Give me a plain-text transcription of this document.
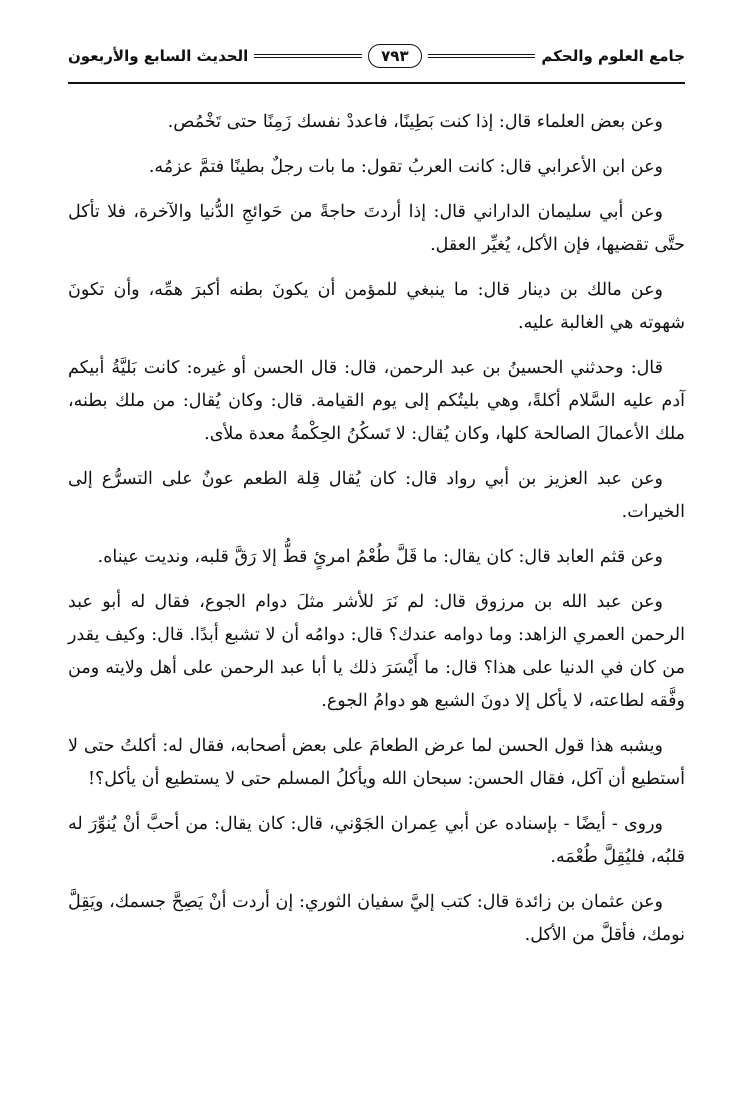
جامع العلوم والحكم
٧٩٣
الحديث السابع والأربعون

وعن بعض العلماء قال: إذا كنت بَطِينًا، فاعددْ نفسك زَمِنًا حتى تَخْمُص.

وعن ابن الأعرابي قال: كانت العربُ تقول: ما بات رجلٌ بطينًا فتمَّ عزمُه.

وعن أبي سليمان الداراني قال: إذا أردتَ حاجةً من حَوائجِ الدُّنيا والآخرة، فلا تأكل حتَّى تقضيها، فإن الأكل، يُغيِّر العقل.

وعن مالك بن دينار قال: ما ينبغي للمؤمن أن يكونَ بطنه أكبرَ همِّه، وأن تكونَ شهوته هي الغالبة عليه.

قال: وحدثني الحسينُ بن عبد الرحمن، قال: قال الحسن أو غيره: كانت بَليَّةُ أبيكم آدم عليه السَّلام أكلةً، وهي بليتُكم إلى يوم القيامة. قال: وكان يُقال: من ملك بطنه، ملك الأعمالَ الصالحة كلها، وكان يُقال: لا تَسكُنُ الحِكْمةُ معدة ملأى.

وعن عبد العزيز بن أبي رواد قال: كان يُقال قِلة الطعم عونٌ على التسرُّع إلى الخيرات.

وعن قثم العابد قال: كان يقال: ما قَلَّ طُعْمُ امرئٍ قطُّ إلا رَقَّ قلبه، ونديت عيناه.

وعن عبد الله بن مرزوق قال: لم نَرَ للأشر مثلَ دوام الجوع، فقال له أبو عبد الرحمن العمري الزاهد: وما دوامه عندك؟ قال: دوامُه أن لا تشبع أبدًا. قال: وكيف يقدر من كان في الدنيا على هذا؟ قال: ما أَيْسَرَ ذلك يا أبا عبد الرحمن على أهل ولايته ومن وفَّقه لطاعته، لا يأكل إلا دونَ الشبع هو دوامُ الجوع.

ويشبه هذا قول الحسن لما عرض الطعامَ على بعض أصحابه، فقال له: أكلتُ حتى لا أستطيع أن آكل، فقال الحسن: سبحان الله ويأكلُ المسلم حتى لا يستطيع أن يأكل؟!

وروى - أيضًا - بإسناده عن أبي عِمران الجَوْني، قال: كان يقال: من أحبَّ أنْ يُنوِّرَ له قلبُه، فليُقِلَّ طُعْمَه.

وعن عثمان بن زائدة قال: كتب إليَّ سفيان الثوري: إن أردت أنْ يَصِحَّ جسمك، ويَقِلَّ نومك، فأقلَّ من الأكل.
